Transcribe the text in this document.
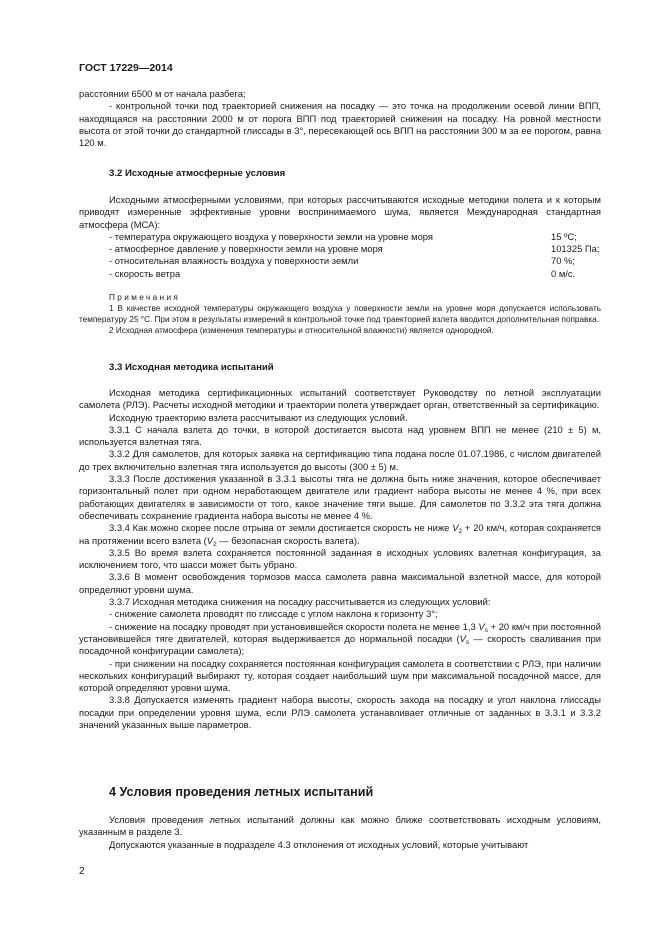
ГОСТ 17229—2014

расстоянии 6500 м от начала разбега;

- контрольной точки под траекторией снижения на посадку — это точка на продолжении осевой линии ВПП, находящаяся на расстоянии 2000 м от порога ВПП под траекторией снижения на посадку. На ровной местности высота от этой точки до стандартной глиссады в 3°, пересекающей ось ВПП на расстоянии 300 м за ее порогом, равна 120 м.

3.2 Исходные атмосферные условия

Исходными атмосферными условиями, при которых рассчитываются исходные методики полета и к которым приводят измеренные эффективные уровни воспринимаемого шума, является Международная стандартная атмосфера (МСА):

- температура окружающего воздуха у поверхности земли на уровне моря	15 ºС;
- атмосферное давление у поверхности земли на уровне моря	101325 Па;
- относительная влажность воздуха у поверхности земли	70 %;
- скорость ветра	0 м/с.

Примечания

1 В качестве исходной температуры окружающего воздуха у поверхности земли на уровне моря допускается использовать температуру 25 °С. При этом в результаты измерений в контрольной точке под траекторией взлета вводится дополнительная поправка.

2 Исходная атмосфера (изменения температуры и относительной влажности) является однородной.

3.3 Исходная методика испытаний

Исходная методика сертификационных испытаний соответствует Руководству по летной эксплуатации самолета (РЛЭ). Расчеты исходной методики и траектории полета утверждает орган, ответственный за сертификацию.

Исходную траекторию взлета рассчитывают из следующих условий.

3.3.1 С начала взлета до точки, в которой достигается высота над уровнем ВПП не менее (210 ± 5) м, используется взлетная тяга.

3.3.2 Для самолетов, для которых заявка на сертификацию типа подана после 01.07.1986, с числом двигателей до трех включительно взлетная тяга используется до высоты (300 ± 5) м.

3.3.3 После достижения указанной в 3.3.1 высоты тяга не должна быть ниже значения, которое обеспечивает горизонтальный полет при одном неработающем двигателе или градиент набора высоты не менее 4 %, при всех работающих двигателях в зависимости от того, какое значение тяги выше. Для самолетов по 3.3.2 эта тяга должна обеспечивать сохранение градиента набора высоты не менее 4 %.

3.3.4 Как можно скорее после отрыва от земли достигается скорость не ниже $V_2 + 20$ км/ч, которая сохраняется на протяжении всего взлета ($V_2$ — безопасная скорость взлета).

3.3.5 Во время взлета сохраняется постоянной заданная в исходных условиях взлетная конфигурация, за исключением того, что шасси может быть убрано.

3.3.6 В момент освобождения тормозов масса самолета равна максимальной взлетной массе, для которой определяют уровни шума.

3.3.7 Исходная методика снижения на посадку рассчитывается из следующих условий:

- снижение самолета проводят по глиссаде с углом наклона к горизонту 3°;

- снижение на посадку проводят при установившейся скорости полета не менее 1,3 $V_s + 20$ км/ч при постоянной установившейся тяге двигателей, которая выдерживается до нормальной посадки ($V_s$ — скорость сваливания при посадочной конфигурации самолета);

- при снижении на посадку сохраняется постоянная конфигурация самолета в соответствии с РЛЭ, при наличии нескольких конфигураций выбирают ту, которая создает наибольший шум при максимальной посадочной массе, для которой определяют уровни шума.

3.3.8 Допускается изменять градиент набора высоты, скорость захода на посадку и угол наклона глиссады посадки при определении уровня шума, если РЛЭ самолета устанавливает отличные от заданных в 3.3.1 и 3.3.2 значений указанных выше параметров.

4 Условия проведения летных испытаний

Условия проведения летных испытаний должны как можно ближе соответствовать исходным условиям, указанным в разделе 3.

Допускаются указанные в подразделе 4.3 отклонения от исходных условий, которые учитывают

2
